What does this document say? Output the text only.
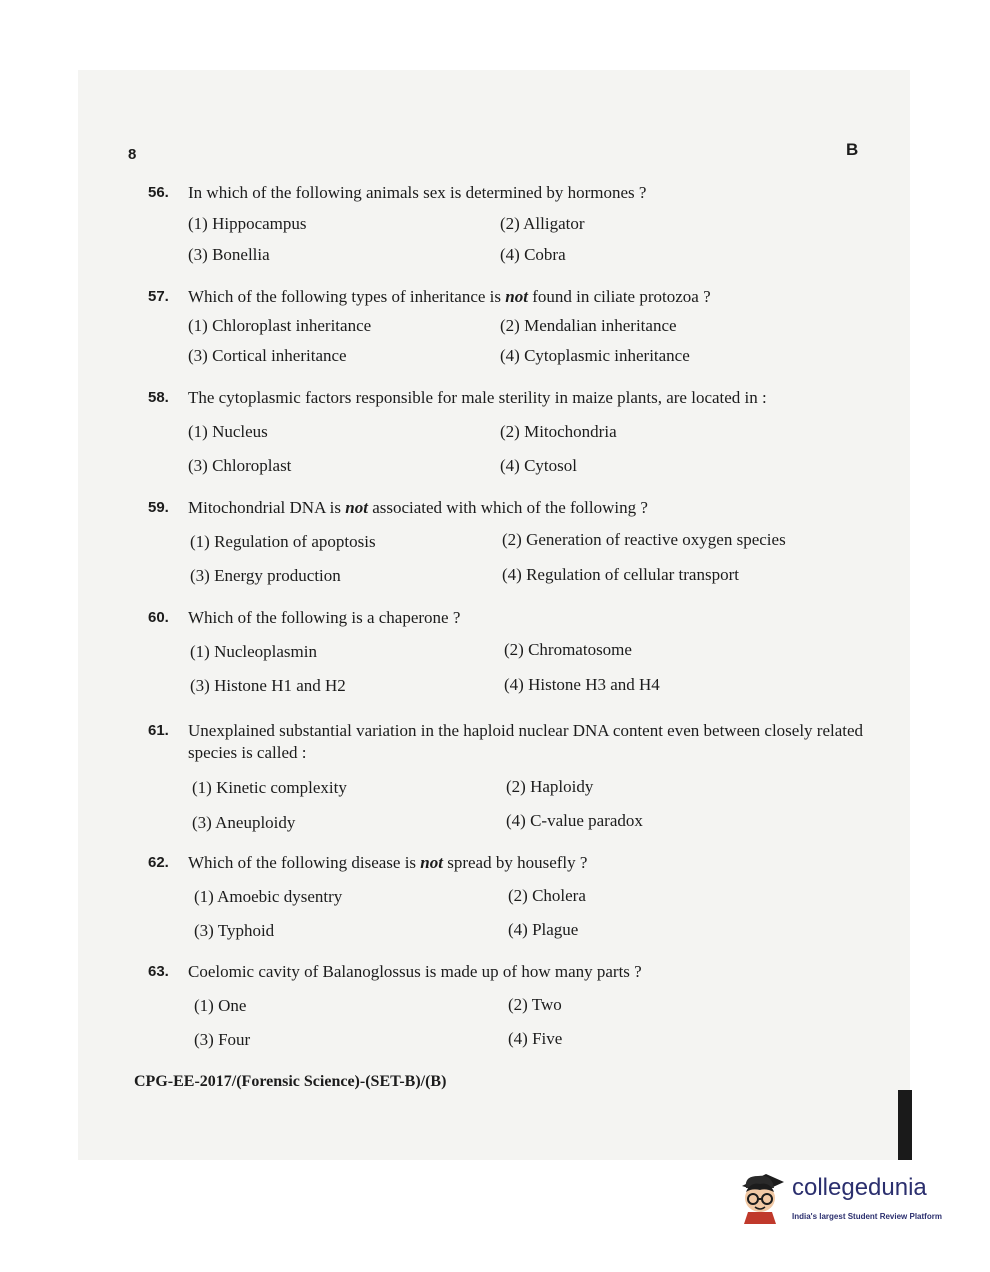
8	B
56.	In which of the following animals sex is determined by hormones ?
(1) Hippocampus	(2) Alligator
(3) Bonellia	(4) Cobra
57.	Which of the following types of inheritance is not found in ciliate protozoa ?
(1) Chloroplast inheritance	(2) Mendalian inheritance
(3) Cortical inheritance	(4) Cytoplasmic inheritance
58.	The cytoplasmic factors responsible for male sterility in maize plants, are located in :
(1) Nucleus	(2) Mitochondria
(3) Chloroplast	(4) Cytosol
59.	Mitochondrial DNA is not associated with which of the following ?
(1) Regulation of apoptosis	(2) Generation of reactive oxygen species
(3) Energy production	(4) Regulation of cellular transport
60.	Which of the following is a chaperone ?
(1) Nucleoplasmin	(2) Chromatosome
(3) Histone H1 and H2	(4) Histone H3 and H4
61.	Unexplained substantial variation in the haploid nuclear DNA content even between closely related species is called :
(1) Kinetic complexity	(2) Haploidy
(3) Aneuploidy	(4) C-value paradox
62.	Which of the following disease is not spread by housefly ?
(1) Amoebic dysentry	(2) Cholera
(3) Typhoid	(4) Plague
63.	Coelomic cavity of Balanoglossus is made up of how many parts ?
(1) One	(2) Two
(3) Four	(4) Five
CPG-EE-2017/(Forensic Science)-(SET-B)/(B)
collegedunia
India's largest Student Review Platform
